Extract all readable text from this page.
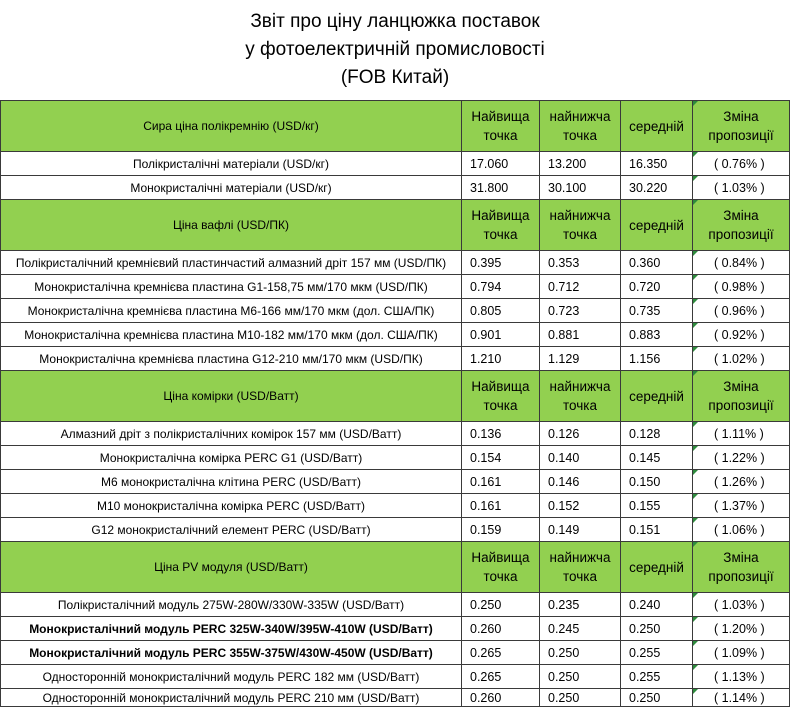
Звіт про ціну ланцюжка поставок
у фотоелектричній промисловості
(FOB Китай)
Сира ціна полікремнію (USD/кг)	Найвища точка	найнижча точка	середній	Зміна пропозиції
Полікристалічні матеріали (USD/кг)	17.060	13.200	16.350	( 0.76% )
Монокристалічні матеріали (USD/кг)	31.800	30.100	30.220	( 1.03% )
Ціна вафлі (USD/ПК)	Найвища точка	найнижча точка	середній	Зміна пропозиції
Полікристалічний кремнієвий пластинчастий алмазний дріт 157 мм (USD/ПК)	0.395	0.353	0.360	( 0.84% )
Монокристалічна кремнієва пластина G1-158,75 мм/170 мкм (USD/ПК)	0.794	0.712	0.720	( 0.98% )
Монокристалічна кремнієва пластина M6-166 мм/170 мкм (дол. США/ПК)	0.805	0.723	0.735	( 0.96% )
Монокристалічна кремнієва пластина M10-182 мм/170 мкм (дол. США/ПК)	0.901	0.881	0.883	( 0.92% )
Монокристалічна кремнієва пластина G12-210 мм/170 мкм (USD/ПК)	1.210	1.129	1.156	( 1.02% )
Ціна комірки (USD/Ватт)	Найвища точка	найнижча точка	середній	Зміна пропозиції
Алмазний дріт з полікристалічних комірок 157 мм (USD/Ватт)	0.136	0.126	0.128	( 1.11% )
Монокристалічна комірка PERC G1 (USD/Ватт)	0.154	0.140	0.145	( 1.22% )
M6 монокристалічна клітина PERC (USD/Ватт)	0.161	0.146	0.150	( 1.26% )
M10 монокристалічна комірка PERC (USD/Ватт)	0.161	0.152	0.155	( 1.37% )
G12 монокристалічний елемент PERC (USD/Ватт)	0.159	0.149	0.151	( 1.06% )
Ціна PV модуля (USD/Ватт)	Найвища точка	найнижча точка	середній	Зміна пропозиції
Полікристалічний модуль 275W-280W/330W-335W (USD/Ватт)	0.250	0.235	0.240	( 1.03% )
Монокристалічний модуль PERC 325W-340W/395W-410W (USD/Ватт)	0.260	0.245	0.250	( 1.20% )
Монокристалічний модуль PERC 355W-375W/430W-450W (USD/Ватт)	0.265	0.250	0.255	( 1.09% )
Односторонній монокристалічний модуль PERC 182 мм (USD/Ватт)	0.265	0.250	0.255	( 1.13% )
Односторонній монокристалічний модуль PERC 210 мм (USD/Ватт)	0.260	0.250	0.250	( 1.14% )
